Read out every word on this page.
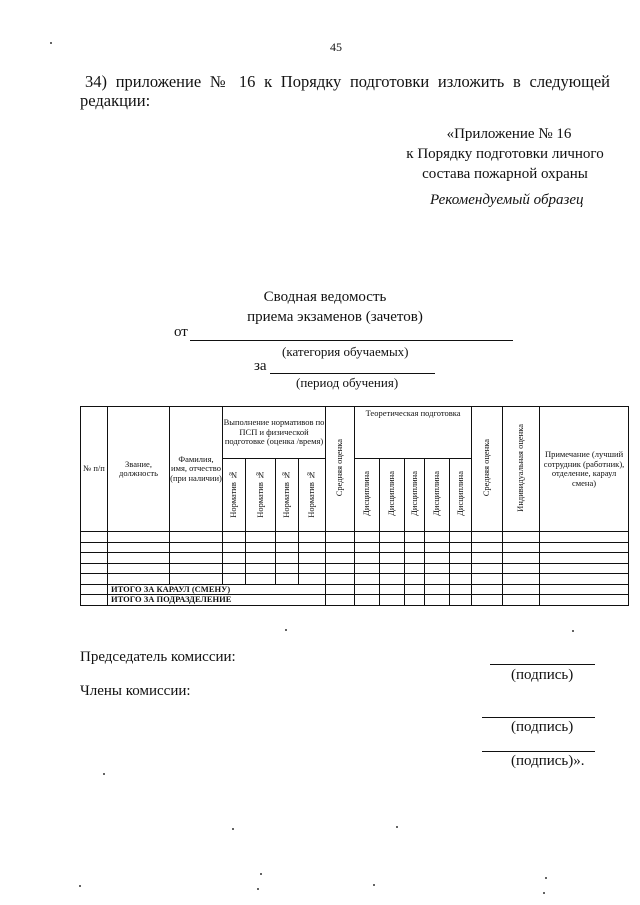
45
34) приложение № 16 к Порядку подготовки изложить в следующей
редакции:
«Приложение № 16
к Порядку подготовки личного
состава пожарной охраны
Рекомендуемый образец
Сводная ведомость
приема экзаменов (зачетов)
от
(категория обучаемых)
за
(период обучения)
№ п/п	Звание, должность	Фамилия, имя, отчество (при наличии)	Выполнение нормативов по ПСП и физической подготовке (оценка /время)				Средняя оценка	Теоретическая подготовка					Средняя оценка	Индивидуальная оценка	Примечание (лучший сотрудник (работник), отделение, караул смена)
			Норматив №	Норматив №	Норматив №	Норматив №		Дисциплина	Дисциплина	Дисциплина	Дисциплина	Дисциплина			

	ИТОГО ЗА КАРАУЛ (СМЕНУ)														
	ИТОГО ЗА ПОДРАЗДЕЛЕНИЕ														
Председатель комиссии:
(подпись)
Члены комиссии:
(подпись)
(подпись)».
